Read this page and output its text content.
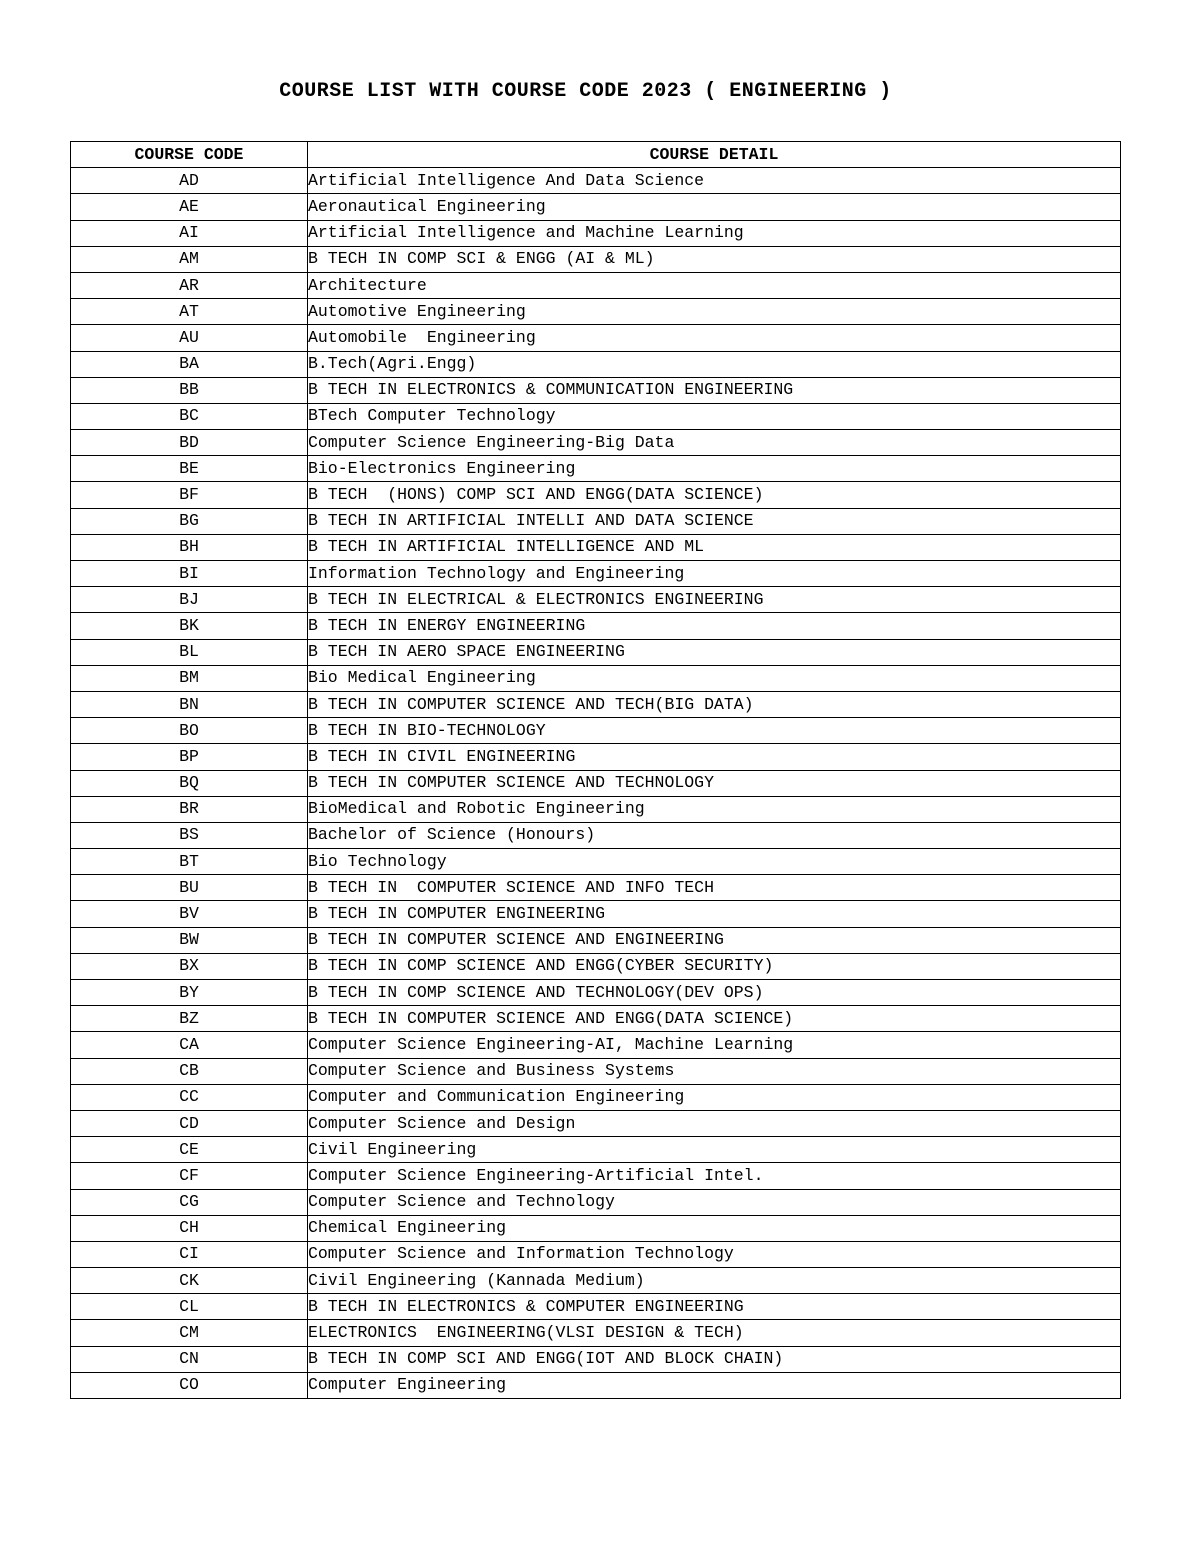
COURSE LIST WITH COURSE CODE 2023 ( ENGINEERING )
COURSE CODE	COURSE DETAIL
AD	Artificial Intelligence And Data Science
AE	Aeronautical Engineering
AI	Artificial Intelligence and Machine Learning
AM	B TECH IN COMP SCI & ENGG (AI & ML)
AR	Architecture
AT	Automotive Engineering
AU	Automobile  Engineering
BA	B.Tech(Agri.Engg)
BB	B TECH IN ELECTRONICS & COMMUNICATION ENGINEERING
BC	BTech Computer Technology
BD	Computer Science Engineering-Big Data
BE	Bio-Electronics Engineering
BF	B TECH  (HONS) COMP SCI AND ENGG(DATA SCIENCE)
BG	B TECH IN ARTIFICIAL INTELLI AND DATA SCIENCE
BH	B TECH IN ARTIFICIAL INTELLIGENCE AND ML
BI	Information Technology and Engineering
BJ	B TECH IN ELECTRICAL & ELECTRONICS ENGINEERING
BK	B TECH IN ENERGY ENGINEERING
BL	B TECH IN AERO SPACE ENGINEERING
BM	Bio Medical Engineering
BN	B TECH IN COMPUTER SCIENCE AND TECH(BIG DATA)
BO	B TECH IN BIO-TECHNOLOGY
BP	B TECH IN CIVIL ENGINEERING
BQ	B TECH IN COMPUTER SCIENCE AND TECHNOLOGY
BR	BioMedical and Robotic Engineering
BS	Bachelor of Science (Honours)
BT	Bio Technology
BU	B TECH IN  COMPUTER SCIENCE AND INFO TECH
BV	B TECH IN COMPUTER ENGINEERING
BW	B TECH IN COMPUTER SCIENCE AND ENGINEERING
BX	B TECH IN COMP SCIENCE AND ENGG(CYBER SECURITY)
BY	B TECH IN COMP SCIENCE AND TECHNOLOGY(DEV OPS)
BZ	B TECH IN COMPUTER SCIENCE AND ENGG(DATA SCIENCE)
CA	Computer Science Engineering-AI, Machine Learning
CB	Computer Science and Business Systems
CC	Computer and Communication Engineering
CD	Computer Science and Design
CE	Civil Engineering
CF	Computer Science Engineering-Artificial Intel.
CG	Computer Science and Technology
CH	Chemical Engineering
CI	Computer Science and Information Technology
CK	Civil Engineering (Kannada Medium)
CL	B TECH IN ELECTRONICS & COMPUTER ENGINEERING
CM	ELECTRONICS  ENGINEERING(VLSI DESIGN & TECH)
CN	B TECH IN COMP SCI AND ENGG(IOT AND BLOCK CHAIN)
CO	Computer Engineering
